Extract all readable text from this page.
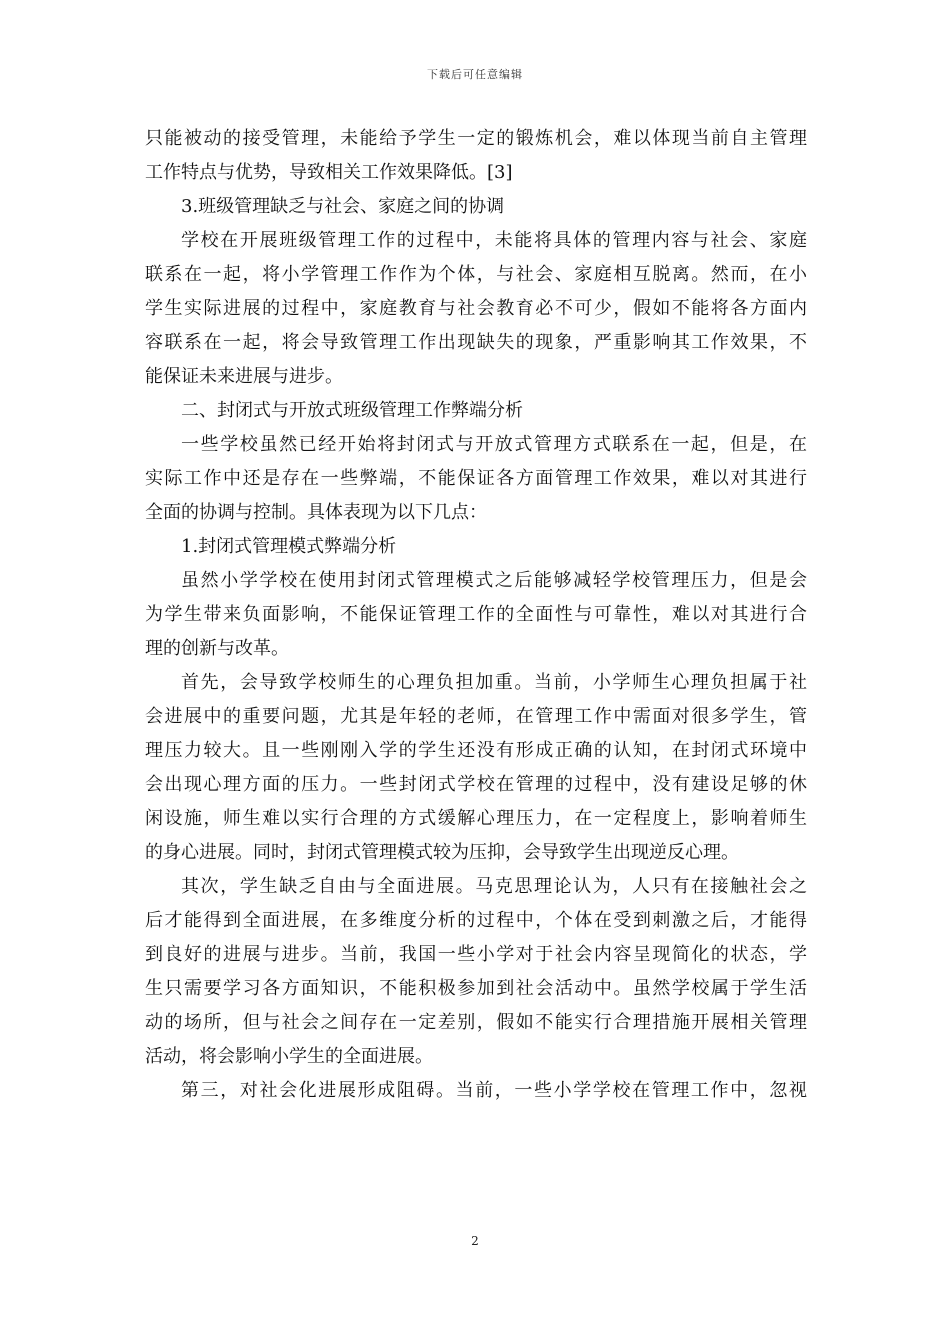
下载后可任意编辑
只能被动的接受管理，未能给予学生一定的锻炼机会，难以体现当前自主管理
工作特点与优势，导致相关工作效果降低。[3]
3.班级管理缺乏与社会、家庭之间的协调
学校在开展班级管理工作的过程中，未能将具体的管理内容与社会、家庭
联系在一起，将小学管理工作作为个体，与社会、家庭相互脱离。然而，在小
学生实际进展的过程中，家庭教育与社会教育必不可少，假如不能将各方面内
容联系在一起，将会导致管理工作出现缺失的现象，严重影响其工作效果，不
能保证未来进展与进步。
二、封闭式与开放式班级管理工作弊端分析
一些学校虽然已经开始将封闭式与开放式管理方式联系在一起，但是，在
实际工作中还是存在一些弊端，不能保证各方面管理工作效果，难以对其进行
全面的协调与控制。具体表现为以下几点：
1.封闭式管理模式弊端分析
虽然小学学校在使用封闭式管理模式之后能够减轻学校管理压力，但是会
为学生带来负面影响，不能保证管理工作的全面性与可靠性，难以对其进行合
理的创新与改革。
首先，会导致学校师生的心理负担加重。当前，小学师生心理负担属于社
会进展中的重要问题，尤其是年轻的老师，在管理工作中需面对很多学生，管
理压力较大。且一些刚刚入学的学生还没有形成正确的认知，在封闭式环境中
会出现心理方面的压力。一些封闭式学校在管理的过程中，没有建设足够的休
闲设施，师生难以实行合理的方式缓解心理压力，在一定程度上，影响着师生
的身心进展。同时，封闭式管理模式较为压抑，会导致学生出现逆反心理。
其次，学生缺乏自由与全面进展。马克思理论认为，人只有在接触社会之
后才能得到全面进展，在多维度分析的过程中，个体在受到刺激之后，才能得
到良好的进展与进步。当前，我国一些小学对于社会内容呈现简化的状态，学
生只需要学习各方面知识，不能积极参加到社会活动中。虽然学校属于学生活
动的场所，但与社会之间存在一定差别，假如不能实行合理措施开展相关管理
活动，将会影响小学生的全面进展。
第三，对社会化进展形成阻碍。当前，一些小学学校在管理工作中，忽视
2
